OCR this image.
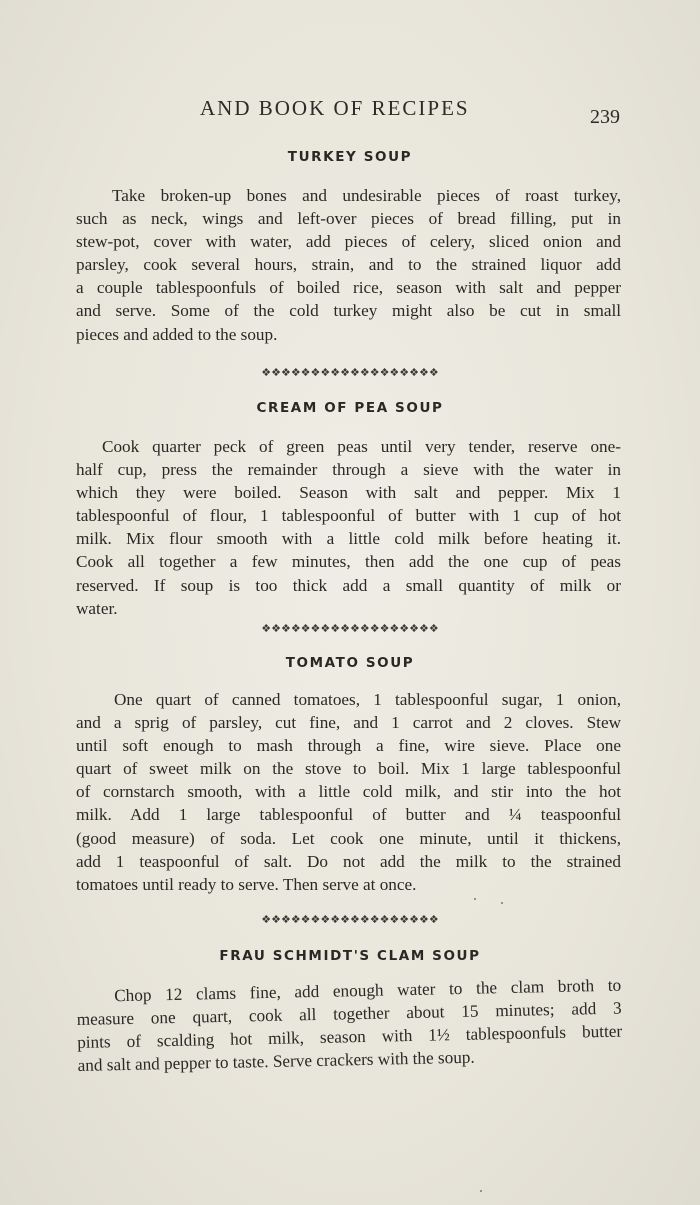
AND BOOK OF RECIPES	239
TURKEY SOUP
Take broken-up bones and undesirable pieces of roast turkey,
such as neck, wings and left-over pieces of bread filling, put in
stew-pot, cover with water, add pieces of celery, sliced onion and
parsley, cook several hours, strain, and to the strained liquor add
a couple tablespoonfuls of boiled rice, season with salt and pepper
and serve. Some of the cold turkey might also be cut in small
pieces and added to the soup.
❖❖❖❖❖❖❖❖❖❖❖❖❖❖❖❖❖❖
CREAM OF PEA SOUP
Cook quarter peck of green peas until very tender, reserve one-
half cup, press the remainder through a sieve with the water in
which they were boiled. Season with salt and pepper. Mix 1
tablespoonful of flour, 1 tablespoonful of butter with 1 cup of hot
milk. Mix flour smooth with a little cold milk before heating it.
Cook all together a few minutes, then add the one cup of peas
reserved. If soup is too thick add a small quantity of milk or
water.
❖❖❖❖❖❖❖❖❖❖❖❖❖❖❖❖❖❖
TOMATO SOUP
One quart of canned tomatoes, 1 tablespoonful sugar, 1 onion,
and a sprig of parsley, cut fine, and 1 carrot and 2 cloves. Stew
until soft enough to mash through a fine, wire sieve. Place one
quart of sweet milk on the stove to boil. Mix 1 large tablespoonful
of cornstarch smooth, with a little cold milk, and stir into the hot
milk. Add 1 large tablespoonful of butter and ¼ teaspoonful
(good measure) of soda. Let cook one minute, until it thickens,
add 1 teaspoonful of salt. Do not add the milk to the strained
tomatoes until ready to serve. Then serve at once.
❖❖❖❖❖❖❖❖❖❖❖❖❖❖❖❖❖❖
FRAU SCHMIDT'S CLAM SOUP
Chop 12 clams fine, add enough water to the clam broth to
measure one quart, cook all together about 15 minutes; add 3
pints of scalding hot milk, season with 1½ tablespoonfuls butter
and salt and pepper to taste. Serve crackers with the soup.
